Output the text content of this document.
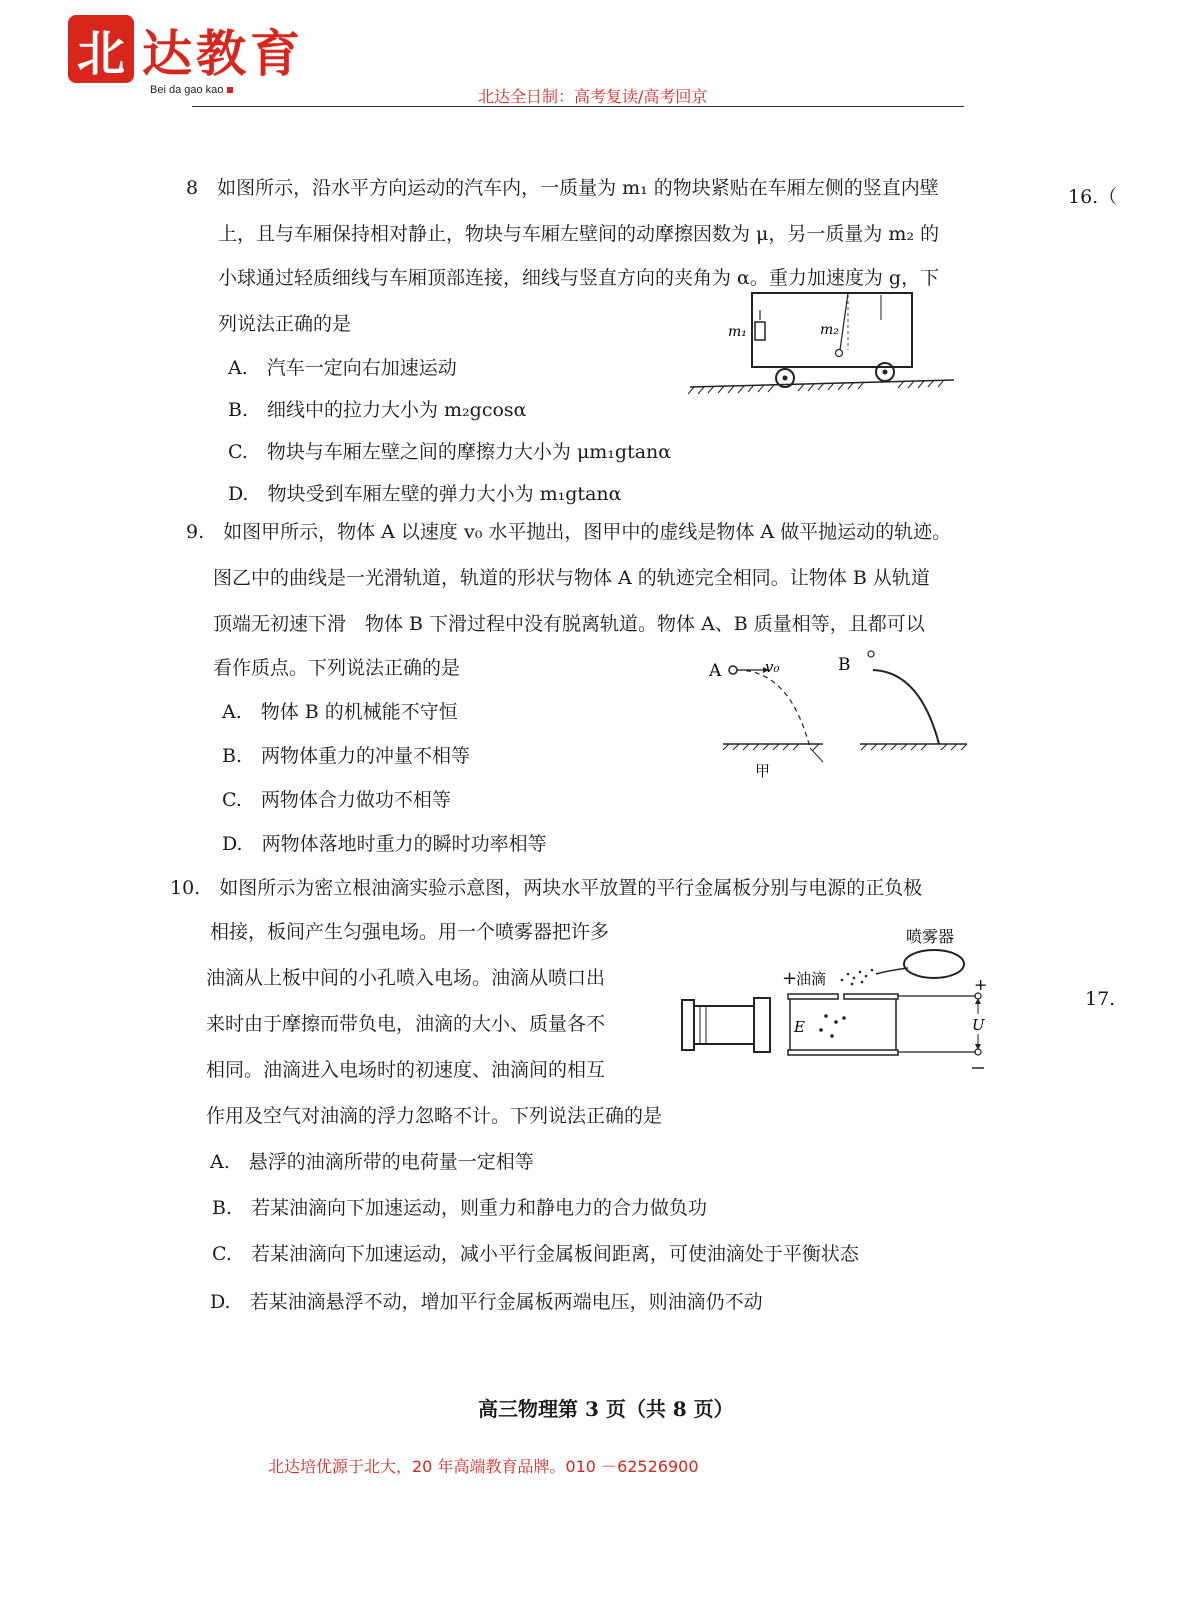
北 达教育
Bei da gao kao	北达全日制：高考复读/高考回京
16.（
17.
8　如图所示，沿水平方向运动的汽车内，一质量为 m₁ 的物块紧贴在车厢左侧的竖直内壁
上，且与车厢保持相对静止，物块与车厢左壁间的动摩擦因数为 μ，另一质量为 m₂ 的
小球通过轻质细线与车厢顶部连接，细线与竖直方向的夹角为 α。重力加速度为 g，下
列说法正确的是
A.　汽车一定向右加速运动
B.　细线中的拉力大小为 m₂gcosα
C.　物块与车厢左壁之间的摩擦力大小为 μm₁gtanα
D.　物块受到车厢左壁的弹力大小为 m₁gtanα
m₁	m₂
9.　如图甲所示，物体 A 以速度 v₀ 水平抛出，图甲中的虚线是物体 A 做平抛运动的轨迹。
图乙中的曲线是一光滑轨道，轨道的形状与物体 A 的轨迹完全相同。让物体 B 从轨道
顶端无初速下滑　物体 B 下滑过程中没有脱离轨道。物体 A、B 质量相等，且都可以
看作质点。下列说法正确的是
A.　物体 B 的机械能不守恒
B.　两物体重力的冲量不相等
C.　两物体合力做功不相等
D.　两物体落地时重力的瞬时功率相等
A	v₀	B
甲
10.　如图所示为密立根油滴实验示意图，两块水平放置的平行金属板分别与电源的正负极
相接，板间产生匀强电场。用一个喷雾器把许多
油滴从上板中间的小孔喷入电场。油滴从喷口出
来时由于摩擦而带负电，油滴的大小、质量各不
相同。油滴进入电场时的初速度、油滴间的相互
作用及空气对油滴的浮力忽略不计。下列说法正确的是
A.　悬浮的油滴所带的电荷量一定相等
B.　若某油滴向下加速运动，则重力和静电力的合力做负功
C.　若某油滴向下加速运动，减小平行金属板间距离，可使油滴处于平衡状态
D.　若某油滴悬浮不动，增加平行金属板两端电压，则油滴仍不动
喷雾器
+
油滴	+
E	U
高三物理第 3 页（共 8 页）
北达培优源于北大，20 年高端教育品牌。010 －62526900
